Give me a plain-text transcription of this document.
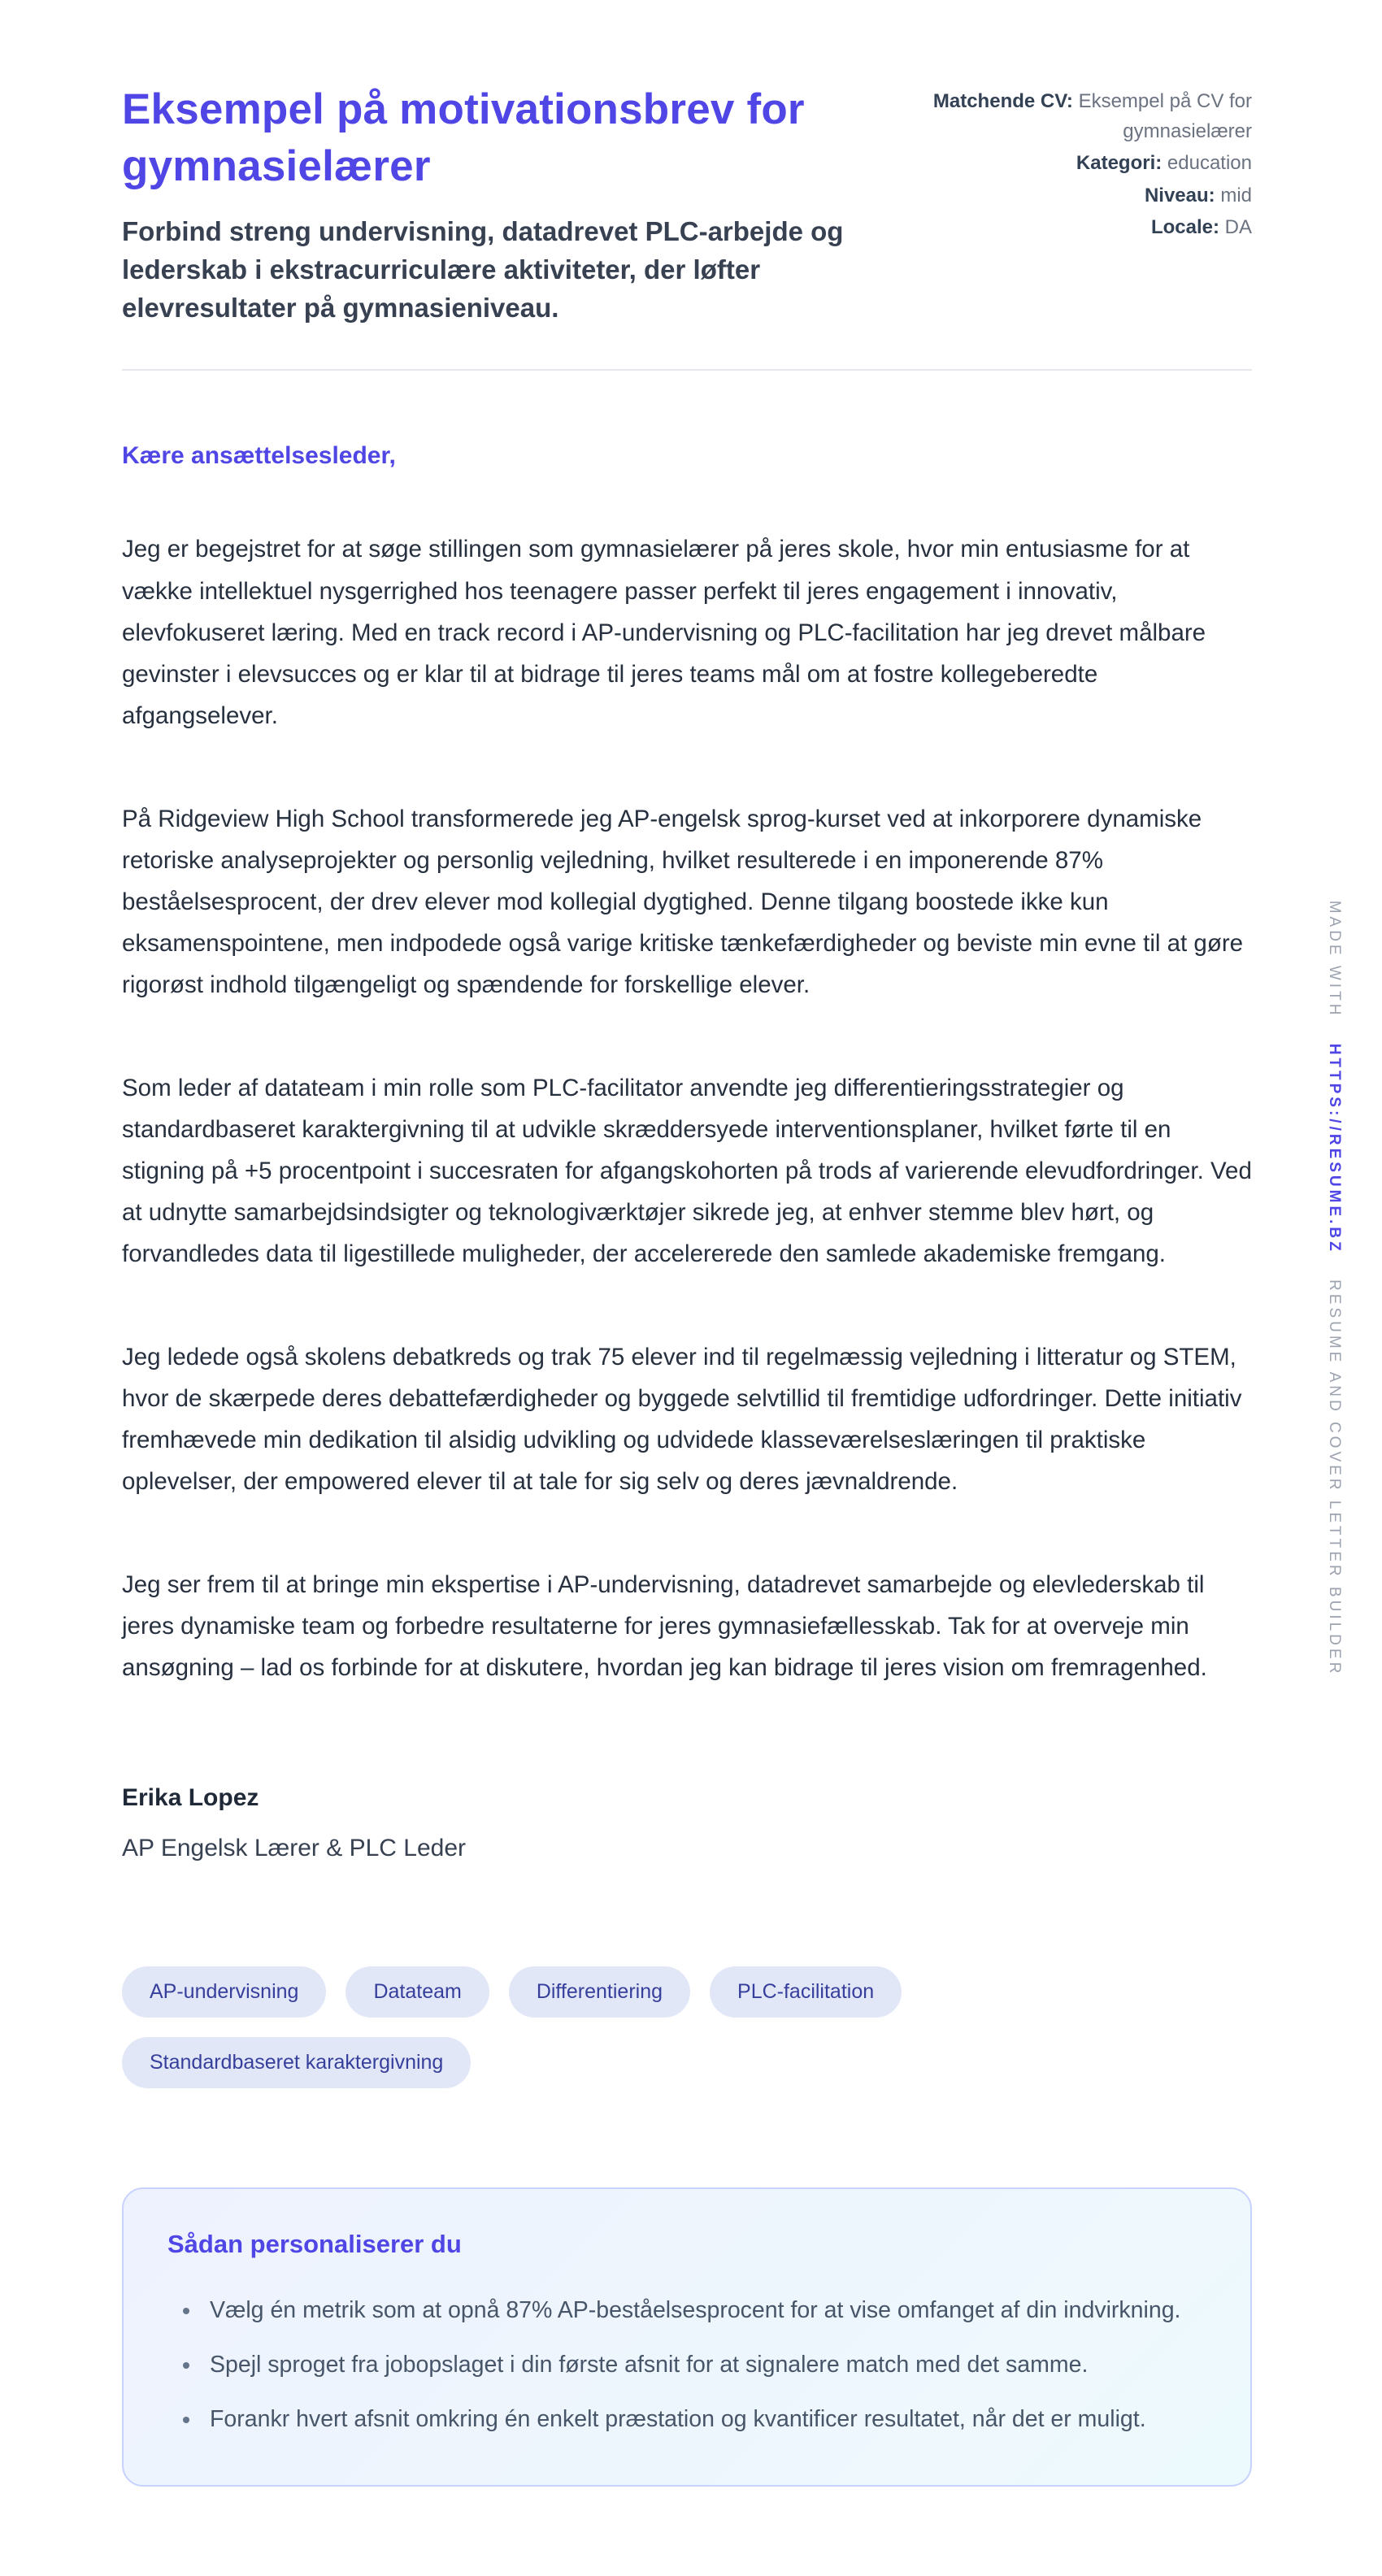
Eksempel på motivationsbrev for gymnasielærer
Forbind streng undervisning, datadrevet PLC-arbejde og lederskab i ekstracurriculære aktiviteter, der løfter elevresultater på gymnasieniveau.
Matchende CV: Eksempel på CV for gymnasielærer
Kategori: education
Niveau: mid
Locale: DA
Kære ansættelsesleder,

Jeg er begejstret for at søge stillingen som gymnasielærer på jeres skole, hvor min entusiasme for at vække intellektuel nysgerrighed hos teenagere passer perfekt til jeres engagement i innovativ, elevfokuseret læring. Med en track record i AP-undervisning og PLC-facilitation har jeg drevet målbare gevinster i elevsucces og er klar til at bidrage til jeres teams mål om at fostre kollegeberedte afgangselever.

På Ridgeview High School transformerede jeg AP-engelsk sprog-kurset ved at inkorporere dynamiske retoriske analyseprojekter og personlig vejledning, hvilket resulterede i en imponerende 87% beståelsesprocent, der drev elever mod kollegial dygtighed. Denne tilgang boostede ikke kun eksamenspointene, men indpodede også varige kritiske tænkefærdigheder og beviste min evne til at gøre rigorøst indhold tilgængeligt og spændende for forskellige elever.

Som leder af datateam i min rolle som PLC-facilitator anvendte jeg differentieringsstrategier og standardbaseret karaktergivning til at udvikle skræddersyede interventionsplaner, hvilket førte til en stigning på +5 procentpoint i succesraten for afgangskohorten på trods af varierende elevudfordringer. Ved at udnytte samarbejdsindsigter og teknologiværktøjer sikrede jeg, at enhver stemme blev hørt, og forvandledes data til ligestillede muligheder, der accelererede den samlede akademiske fremgang.

Jeg ledede også skolens debatkreds og trak 75 elever ind til regelmæssig vejledning i litteratur og STEM, hvor de skærpede deres debattefærdigheder og byggede selvtillid til fremtidige udfordringer. Dette initiativ fremhævede min dedikation til alsidig udvikling og udvidede klasseværelseslæringen til praktiske oplevelser, der empowered elever til at tale for sig selv og deres jævnaldrende.

Jeg ser frem til at bringe min ekspertise i AP-undervisning, datadrevet samarbejde og elevlederskab til jeres dynamiske team og forbedre resultaterne for jeres gymnasiefællesskab. Tak for at overveje min ansøgning – lad os forbinde for at diskutere, hvordan jeg kan bidrage til jeres vision om fremragenhed.

Erika Lopez
AP Engelsk Lærer & PLC Leder
AP-undervisning	Datateam	Differentiering	PLC-facilitation
Standardbaseret karaktergivning
Sådan personaliserer du
• Vælg én metrik som at opnå 87% AP-beståelsesprocent for at vise omfanget af din indvirkning.
• Spejl sproget fra jobopslaget i din første afsnit for at signalere match med det samme.
• Forankr hvert afsnit omkring én enkelt præstation og kvantificer resultatet, når det er muligt.
MADE WITH HTTPS://RESUME.BZ RESUME AND COVER LETTER BUILDER
